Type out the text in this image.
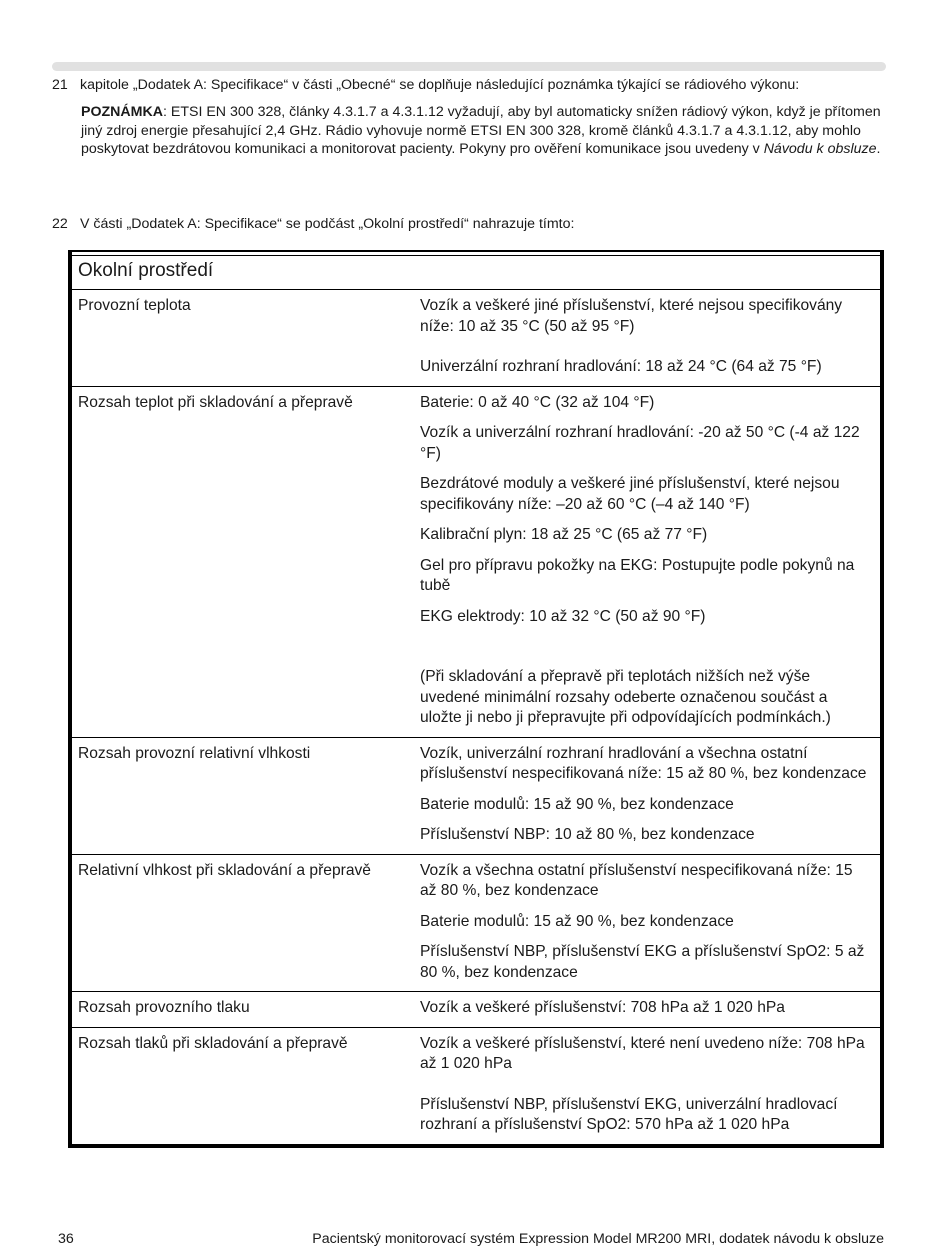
21 kapitole „Dodatek A: Specifikace“ v části „Obecné“ se doplňuje následující poznámka týkající se rádiového výkonu:
POZNÁMKA: ETSI EN 300 328, články 4.3.1.7 a 4.3.1.12 vyžadují, aby byl automaticky snížen rádiový výkon, když je přítomen jiný zdroj energie přesahující 2,4 GHz. Rádio vyhovuje normě ETSI EN 300 328, kromě článků 4.3.1.7 a 4.3.1.12, aby mohlo poskytovat bezdrátovou komunikaci a monitorovat pacienty. Pokyny pro ověření komunikace jsou uvedeny v Návodu k obsluze.
22 V části „Dodatek A: Specifikace“ se podčást „Okolní prostředí“ nahrazuje tímto:
Okolní prostředí
Provozní teplota	Vozík a veškeré jiné příslušenství, které nejsou specifikovány níže: 10 až 35 °C (50 až 95 °F)

Univerzální rozhraní hradlování: 18 až 24 °C (64 až 75 °F)

Rozsah teplot při skladování a přepravě	Baterie: 0 až 40 °C (32 až 104 °F)

Vozík a univerzální rozhraní hradlování: -20 až 50 °C (-4 až 122 °F)

Bezdrátové moduly a veškeré jiné příslušenství, které nejsou specifikovány níže: –20 až 60 °C (–4 až 140 °F)

Kalibrační plyn: 18 až 25 °C (65 až 77 °F)

Gel pro přípravu pokožky na EKG: Postupujte podle pokynů na tubě

EKG elektrody: 10 až 32 °C (50 až 90 °F)

(Při skladování a přepravě při teplotách nižších než výše uvedené minimální rozsahy odeberte označenou součást a uložte ji nebo ji přepravujte při odpovídajících podmínkách.)

Rozsah provozní relativní vlhkosti	Vozík, univerzální rozhraní hradlování a všechna ostatní příslušenství nespecifikovaná níže: 15 až 80 %, bez kondenzace

Baterie modulů: 15 až 90 %, bez kondenzace

Příslušenství NBP: 10 až 80 %, bez kondenzace

Relativní vlhkost při skladování a přepravě	Vozík a všechna ostatní příslušenství nespecifikovaná níže: 15 až 80 %, bez kondenzace

Baterie modulů: 15 až 90 %, bez kondenzace

Příslušenství NBP, příslušenství EKG a příslušenství SpO2: 5 až 80 %, bez kondenzace

Rozsah provozního tlaku	Vozík a veškeré příslušenství: 708 hPa až 1 020 hPa

Rozsah tlaků při skladování a přepravě	Vozík a veškeré příslušenství, které není uvedeno níže: 708 hPa až 1 020 hPa

Příslušenství NBP, příslušenství EKG, univerzální hradlovací rozhraní a příslušenství SpO2: 570 hPa až 1 020 hPa

36	Pacientský monitorovací systém Expression Model MR200 MRI, dodatek návodu k obsluze
